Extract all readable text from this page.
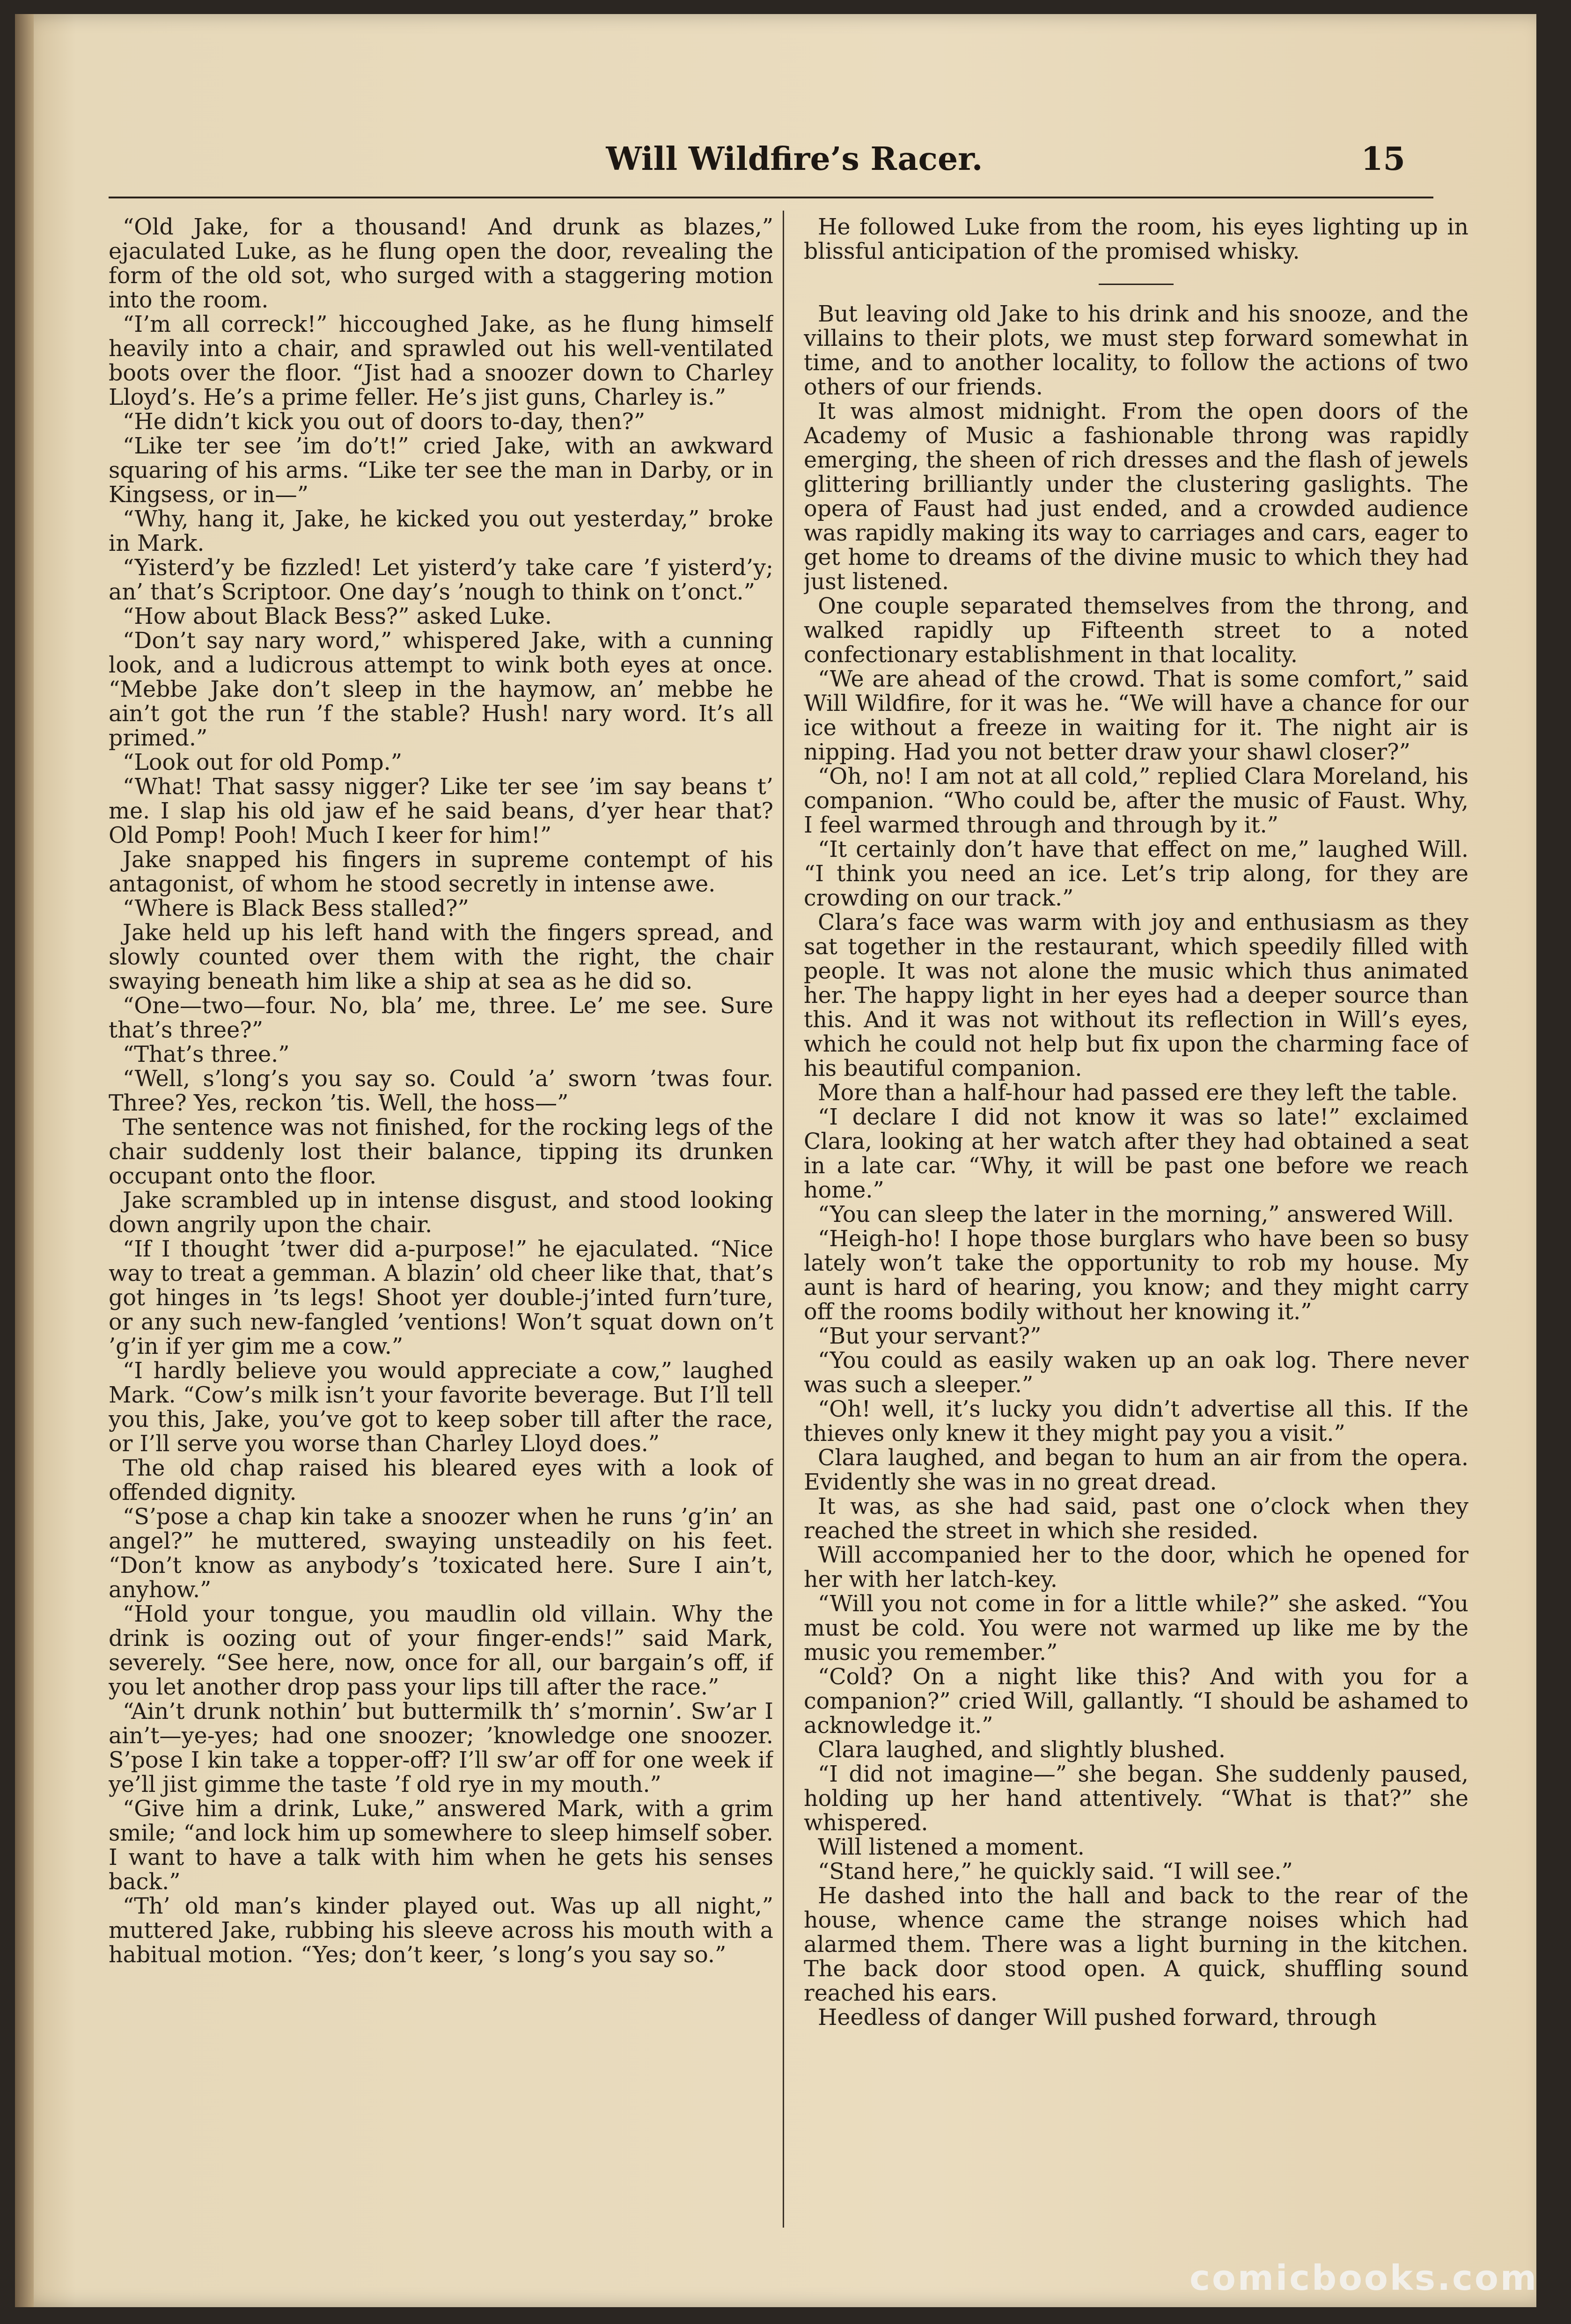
Will Wildfire’s Racer.	15

“Old Jake, for a thousand! And drunk as blazes,” ejaculated Luke, as he flung open the door, revealing the form of the old sot, who surged with a staggering motion into the room.

“I’m all correck!” hiccoughed Jake, as he flung himself heavily into a chair, and sprawled out his well-ventilated boots over the floor. “Jist had a snoozer down to Charley Lloyd’s. He’s a prime feller. He’s jist guns, Charley is.”

“He didn’t kick you out of doors to-day, then?”

“Like ter see ’im do’t!” cried Jake, with an awkward squaring of his arms. “Like ter see the man in Darby, or in Kingsess, or in—”

“Why, hang it, Jake, he kicked you out yesterday,” broke in Mark.

“Yisterd’y be fizzled! Let yisterd’y take care ’f yisterd’y; an’ that’s Scriptoor. One day’s ’nough to think on t’onct.”

“How about Black Bess?” asked Luke.

“Don’t say nary word,” whispered Jake, with a cunning look, and a ludicrous attempt to wink both eyes at once. “Mebbe Jake don’t sleep in the haymow, an’ mebbe he ain’t got the run ’f the stable? Hush! nary word. It’s all primed.”

“Look out for old Pomp.”

“What! That sassy nigger? Like ter see ’im say beans t’ me. I slap his old jaw ef he said beans, d’yer hear that? Old Pomp! Pooh! Much I keer for him!”

Jake snapped his fingers in supreme contempt of his antagonist, of whom he stood secretly in intense awe.

“Where is Black Bess stalled?”

Jake held up his left hand with the fingers spread, and slowly counted over them with the right, the chair swaying beneath him like a ship at sea as he did so.

“One—two—four. No, bla’ me, three. Le’ me see. Sure that’s three?”

“That’s three.”

“Well, s’long’s you say so. Could ’a’ sworn ’twas four. Three? Yes, reckon ’tis. Well, the hoss—”

The sentence was not finished, for the rocking legs of the chair suddenly lost their balance, tipping its drunken occupant onto the floor.

Jake scrambled up in intense disgust, and stood looking down angrily upon the chair.

“If I thought ’twer did a-purpose!” he ejaculated. “Nice way to treat a gemman. A blazin’ old cheer like that, that’s got hinges in ’ts legs! Shoot yer double-j’inted furn’ture, or any such new-fangled ’ventions! Won’t squat down on’t ’g’in if yer gim me a cow.”

“I hardly believe you would appreciate a cow,” laughed Mark. “Cow’s milk isn’t your favorite beverage. But I’ll tell you this, Jake, you’ve got to keep sober till after the race, or I’ll serve you worse than Charley Lloyd does.”

The old chap raised his bleared eyes with a look of offended dignity.

“S’pose a chap kin take a snoozer when he runs ’g’in’ an angel?” he muttered, swaying unsteadily on his feet. “Don’t know as anybody’s ’toxicated here. Sure I ain’t, anyhow.”

“Hold your tongue, you maudlin old villain. Why the drink is oozing out of your finger-ends!” said Mark, severely. “See here, now, once for all, our bargain’s off, if you let another drop pass your lips till after the race.”

“Ain’t drunk nothin’ but buttermilk th’ s’mornin’. Sw’ar I ain’t—ye-yes; had one snoozer; ’knowledge one snoozer. S’pose I kin take a topper-off? I’ll sw’ar off for one week if ye’ll jist gimme the taste ’f old rye in my mouth.”

“Give him a drink, Luke,” answered Mark, with a grim smile; “and lock him up somewhere to sleep himself sober. I want to have a talk with him when he gets his senses back.”

“Th’ old man’s kinder played out. Was up all night,” muttered Jake, rubbing his sleeve across his mouth with a habitual motion. “Yes; don’t keer, ’s long’s you say so.”

He followed Luke from the room, his eyes lighting up in blissful anticipation of the promised whisky.

But leaving old Jake to his drink and his snooze, and the villains to their plots, we must step forward somewhat in time, and to another locality, to follow the actions of two others of our friends.

It was almost midnight. From the open doors of the Academy of Music a fashionable throng was rapidly emerging, the sheen of rich dresses and the flash of jewels glittering brilliantly under the clustering gaslights. The opera of Faust had just ended, and a crowded audience was rapidly making its way to carriages and cars, eager to get home to dreams of the divine music to which they had just listened.

One couple separated themselves from the throng, and walked rapidly up Fifteenth street to a noted confectionary establishment in that locality.

“We are ahead of the crowd. That is some comfort,” said Will Wildfire, for it was he. “We will have a chance for our ice without a freeze in waiting for it. The night air is nipping. Had you not better draw your shawl closer?”

“Oh, no! I am not at all cold,” replied Clara Moreland, his companion. “Who could be, after the music of Faust. Why, I feel warmed through and through by it.”

“It certainly don’t have that effect on me,” laughed Will. “I think you need an ice. Let’s trip along, for they are crowding on our track.”

Clara’s face was warm with joy and enthusiasm as they sat together in the restaurant, which speedily filled with people. It was not alone the music which thus animated her. The happy light in her eyes had a deeper source than this. And it was not without its reflection in Will’s eyes, which he could not help but fix upon the charming face of his beautiful companion.

More than a half-hour had passed ere they left the table.

“I declare I did not know it was so late!” exclaimed Clara, looking at her watch after they had obtained a seat in a late car. “Why, it will be past one before we reach home.”

“You can sleep the later in the morning,” answered Will.

“Heigh-ho! I hope those burglars who have been so busy lately won’t take the opportunity to rob my house. My aunt is hard of hearing, you know; and they might carry off the rooms bodily without her knowing it.”

“But your servant?”

“You could as easily waken up an oak log. There never was such a sleeper.”

“Oh! well, it’s lucky you didn’t advertise all this. If the thieves only knew it they might pay you a visit.”

Clara laughed, and began to hum an air from the opera. Evidently she was in no great dread.

It was, as she had said, past one o’clock when they reached the street in which she resided.

Will accompanied her to the door, which he opened for her with her latch-key.

“Will you not come in for a little while?” she asked. “You must be cold. You were not warmed up like me by the music you remember.”

“Cold? On a night like this? And with you for a companion?” cried Will, gallantly. “I should be ashamed to acknowledge it.”

Clara laughed, and slightly blushed.

“I did not imagine—” she began. She suddenly paused, holding up her hand attentively. “What is that?” she whispered.

Will listened a moment.

“Stand here,” he quickly said. “I will see.”

He dashed into the hall and back to the rear of the house, whence came the strange noises which had alarmed them. There was a light burning in the kitchen. The back door stood open. A quick, shuffling sound reached his ears.

Heedless of danger Will pushed forward, through

comicbooks.com
